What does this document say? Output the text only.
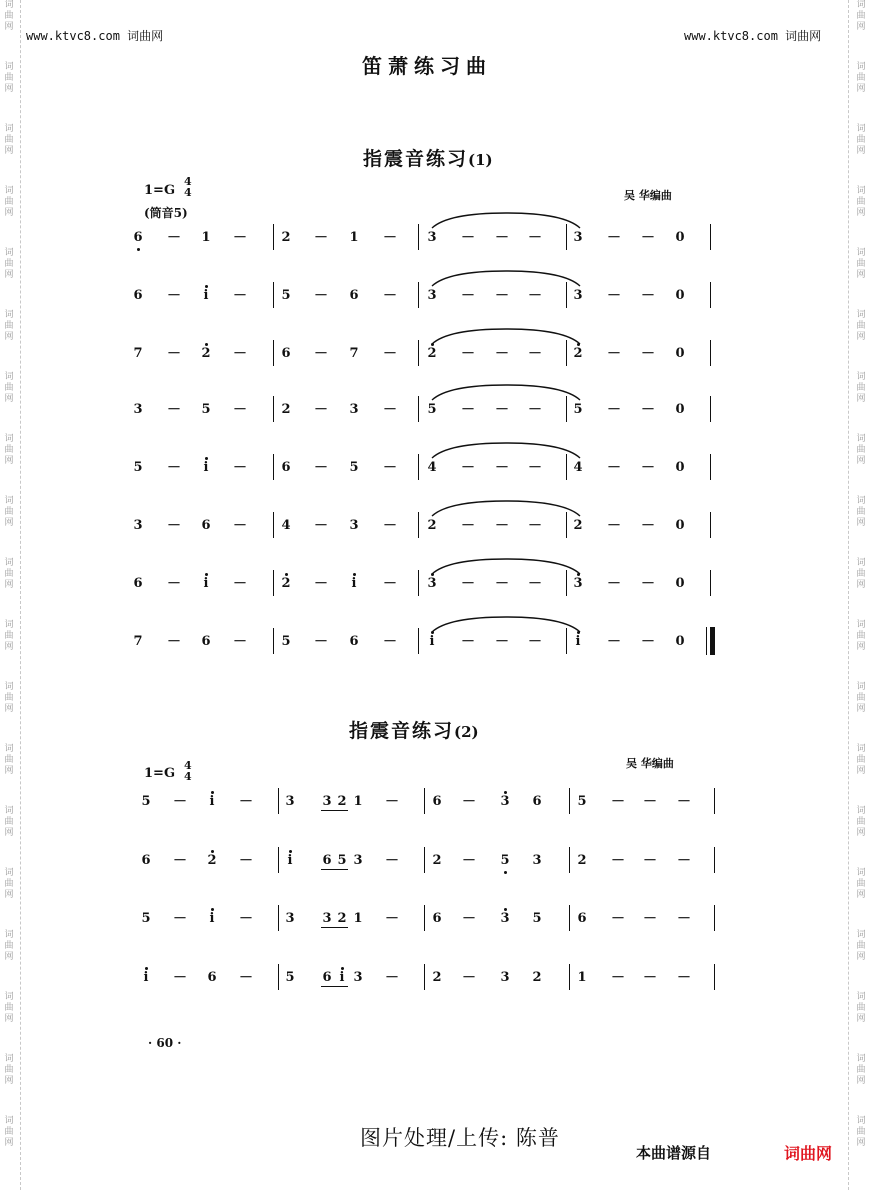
词
曲
网
词
曲
网
词
曲
网
词
曲
网
词
曲
网
词
曲
网
词
曲
网
词
曲
网
词
曲
网
词
曲
网
词
曲
网
词
曲
网
词
曲
网
词
曲
网
词
曲
网
词
曲
网
词
曲
网
词
曲
网
词
曲
网
词
曲
网
词
曲
网
词
曲
网
词
曲
网
词
曲
网
词
曲
网
词
曲
网
词
曲
网
词
曲
网
词
曲
网
词
曲
网
词
曲
网
词
曲
网
词
曲
网
词
曲
网
词
曲
网
词
曲
网
词
曲
网
词
曲
网
www.ktvc8.com 词曲网	www.ktvc8.com 词曲网
笛萧练习曲
指震音练习(1)
1=G
4
4
(筒音5)
吴 华编曲
6 － 1 －	2 － 1 － 3 － － － 3 － － 0
6 －	i	－	5 － 6 － 3 － － － 3 － － 0
7 － 2 －	6 － 7 － 2 － － － 2 － － 0
3 － 5 －	2 － 3 － 5 － － － 5 － － 0
5 －	i	－	6 － 5 － 4 － － － 4 － － 0
3 － 6 －	4 － 3 － 2 － － － 2 － － 0
6 －	i	－	2 －	i	－ 3 － － － 3 － － 0
7 － 6 －	5 － 6 －	i	－ － －	i	－ － 0
指震音练习(2)
1=G
4
4
吴 华编曲
5 －	i	－ 3 3 2 1 －	6 － 3 6	5 － － －
6 － 2 －	i	6 5 3 －	2 － 5 3	2 － － －
5 －	i	－ 3 3 2 1 －	6 － 3 5	6 － － －
i	－ 6 － 5 6 i 3 －	2 － 3 2	1 － － －
· 60 ·
图片处理/上传: 陈普
本曲谱源自	词曲网
